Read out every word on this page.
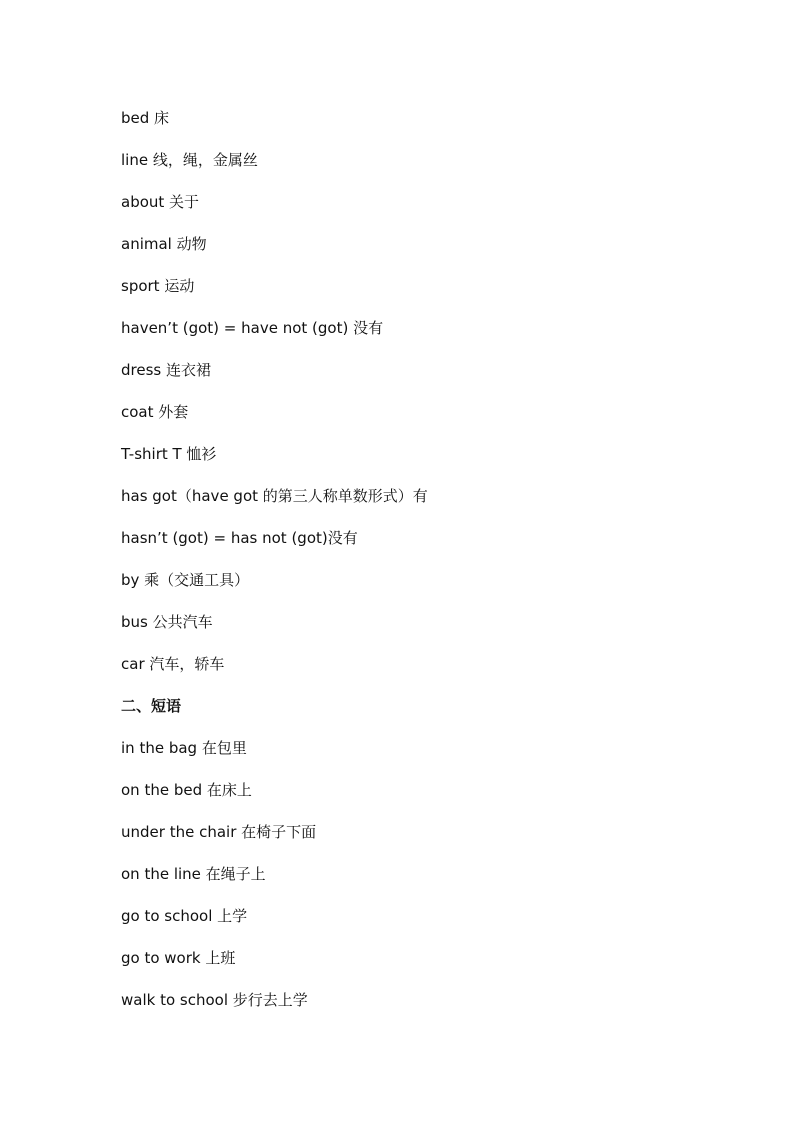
bed 床
line 线，绳，金属丝
about 关于
animal 动物
sport 运动
haven’t (got) = have not (got) 没有
dress 连衣裙
coat 外套
T-shirt T 恤衫
has got（have got 的第三人称单数形式）有
hasn’t (got) = has not (got)没有
by 乘（交通工具）
bus 公共汽车
car 汽车，轿车
二、短语
in the bag 在包里
on the bed 在床上
under the chair 在椅子下面
on the line 在绳子上
go to school 上学
go to work 上班
walk to school 步行去上学
